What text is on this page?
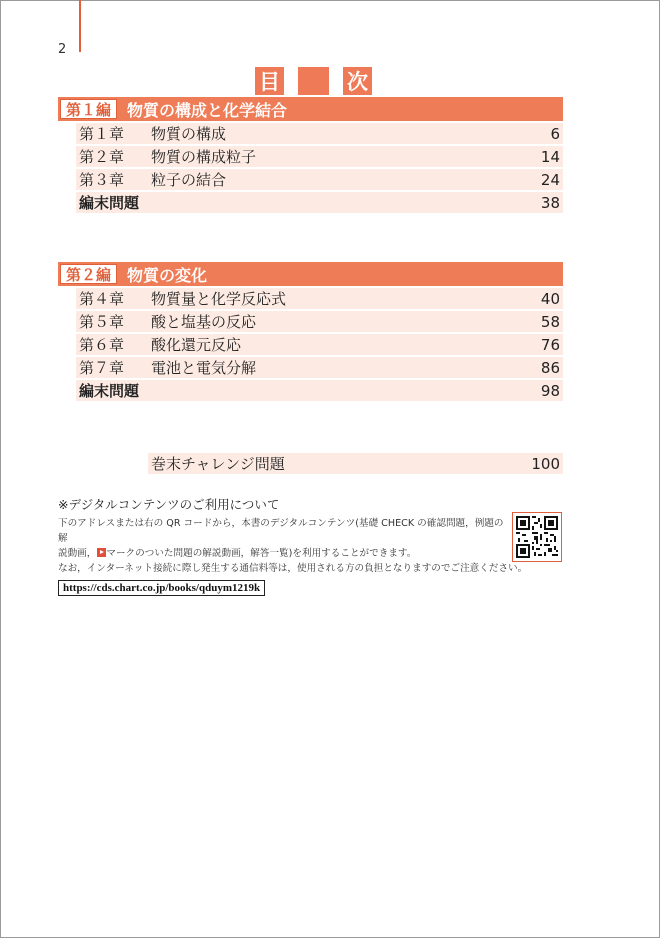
2
目	次
第１編	物質の構成と化学結合
第１章	物質の構成	6
第２章	物質の構成粒子	14
第３章	粒子の結合	24
編末問題	38
第２編	物質の変化
第４章	物質量と化学反応式	40
第５章	酸と塩基の反応	58
第６章	酸化還元反応	76
第７章	電池と電気分解	86
編末問題	98
巻末チャレンジ問題	100
※デジタルコンテンツのご利用について
下のアドレスまたは右の QR コードから，本書のデジタルコンテンツ(基礎 CHECK の確認問題，例題の解
説動画， マークのついた問題の解説動画，解答一覧)を利用することができます。
なお，インターネット接続に際し発生する通信料等は，使用される方の負担となりますのでご注意ください。
https://cds.chart.co.jp/books/qduym1219k
